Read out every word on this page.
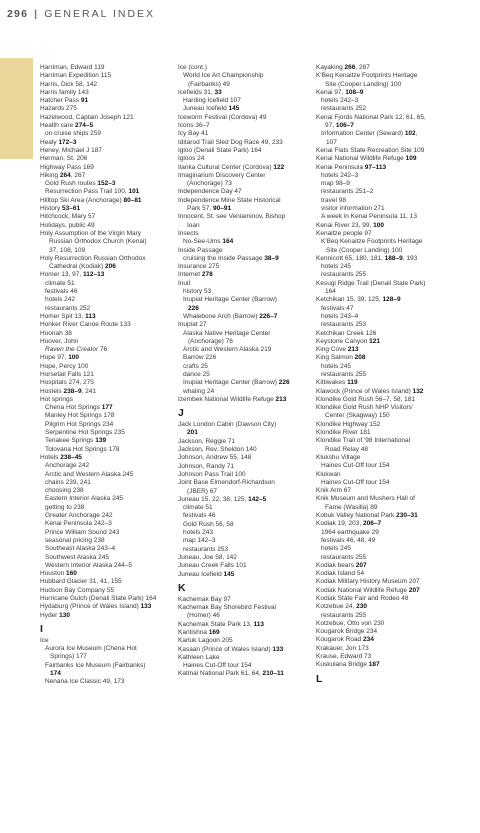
296 | GENERAL INDEX
Harriman, Edward 119
Harriman Expedition 115
Harris, Dick 58, 142
Harris family 143
Hatcher Pass 91
Hazards 275
Hazelwood, Captain Joseph 121
Health care 274–5
on cruise ships 259
Healy 172–3
Heney, Michael J 187
Herman, St. 206
Highway Pass 169
Hiking 264, 267
Gold Rush routes 152–3
Resurrection Pass Trail 100, 101
Hilltop Ski Area (Anchorage) 80–81
History 53–61
Hitchcock, Mary 57
Holidays, public 49
Holy Assumption of the Virgin Mary
Russian Orthodox Church (Kenai)
37, 108, 109
Holy Resurrection Russian Orthodox
Cathedral (Kodiak) 206
Homer 13, 97, 112–13
climate 51
festivals 46
hotels 242
restaurants 252
Homer Spit 13, 113
Honker River Canoe Route 133
Hoonah 38
Hoover, John
Raven the Creator 76
Hope 97, 100
Hope, Percy 100
Horsetail Falls 121
Hospitals 274, 275
Hostels 238–9, 241
Hot springs
Chena Hot Springs 177
Manley Hot Springs 178
Pilgrim Hot Springs 234
Serpentine Hot Springs 235
Tenakee Springs 139
Tolovana Hot Springs 178
Hotels 238–45
Anchorage 242
Arctic and Western Alaska 245
chains 239, 241
choosing 238
Eastern Interior Alaska 245
getting to 238
Greater Anchorage 242
Kenai Peninsula 242–3
Prince William Sound 243
seasonal pricing 238
Southeast Alaska 243–4
Southwest Alaska 245
Western Interior Alaska 244–5
Houston 160
Hubbard Glacier 31, 41, 155
Hudson Bay Company 55
Hurricane Gulch (Denali State Park) 164
Hydaburg (Prince of Wales Island) 133
Hyder 130
I
Ice
Aurora Ice Museum (Chena Hot
Springs) 177
Fairbanks Ice Museum (Fairbanks)
174
Nenana Ice Classic 49, 173
Ice (cont.)
World Ice Art Championship
(Fairbanks) 49
Icefields 31, 33
Harding Icefield 107
Juneau Icefield 145
Iceworm Festival (Cordova) 49
Icons 36–7
Icy Bay 41
Iditarod Trail Sled Dog Race 49, 233
Igloo (Denali State Park) 164
Igloos 24
Ilanka Cultural Center (Cordova) 122
Imaginarium Discovery Center
(Anchorage) 73
Independence Day 47
Independence Mine State Historical
Park 57, 90–91
Innocent, St. see Veniaminov, Bishop
Ioan
Insects
No-See-Ums 164
Inside Passage
cruising the Inside Passage 38–9
Insurance 275
Internet 278
Inuit
history 53
Inupiat Heritage Center (Barrow)
226
Whalebone Arch (Barrow) 226–7
Inupiat 27
Alaska Native Heritage Center
(Anchorage) 76
Arctic and Western Alaska 219
Barrow 226
crafts 25
dance 25
Inupiat Heritage Center (Barrow) 226
whaling 24
Izembek National Wildlife Refuge 213
J
Jack London Cabin (Dawson City)
201
Jackson, Reggie 71
Jackson, Rev. Sheldon 140
Johnson, Andrew 55, 148
Johnson, Randy 71
Johnson Pass Trail 100
Joint Base Elmendorf-Richardson
(JBER) 67
Juneau 15, 22, 38, 125, 142–5
climate 51
festivals 46
Gold Rush 56, 58
hotels 243
map 142–3
restaurants 253
Juneau, Joe 58, 142
Juneau Creek Falls 101
Juneau Icefield 145
K
Kachemak Bay 97
Kachemak Bay Shorebird Festival
(Homer) 46
Kachemak State Park 13, 113
Kantishna 169
Karluk Lagoon 205
Kasaan (Prince of Wales Island) 133
Kathleen Lake
Haines Cut-Off tour 154
Katmai National Park 61, 64, 210–11
Kayaking 266, 267
K'Beq Kenaitze Footprints Heritage
Site (Cooper Landing) 100
Kenai 97, 108–9
hotels 242–3
restaurants 252
Kenai Fjords National Park 12, 61, 65,
97, 106–7
Information Center (Seward) 102,
107
Kenai Flats State Recreation Site 109
Kenai National Wildlife Refuge 109
Kenai Peninsula 97–113
hotels 242–3
map 98–9
restaurants 251–2
travel 98
visitor information 271
A week in Kenai Peninsula 11, 13
Kenai River 23, 99, 100
Kenaitze people 97
K'Beq Kenaitze Footprints Heritage
Site (Cooper Landing) 100
Kennicott 65, 180, 181, 188–9, 193
hotels 245
restaurants 255
Kesugi Ridge Trail (Denali State Park)
164
Ketchikan 15, 39, 125, 128–9
festivals 47
hotels 243–4
restaurants 253
Ketchikan Creek 126
Keystone Canyon 121
King Cove 213
King Salmon 208
hotels 245
restaurants 255
Kittiwakes 119
Klawock (Prince of Wales Island) 132
Klondike Gold Rush 56–7, 58, 181
Klondike Gold Rush NHP Visitors'
Center (Skagway) 150
Klondike Highway 152
Klondike River 181
Klondike Trail of '98 International
Road Relay 48
Klukshu Village
Haines Cut-Off tour 154
Klukwan
Haines Cut-Off tour 154
Knik Arm 67
Knik Museum and Mushers Hall of
Fame (Wasilla) 89
Kobuk Valley National Park 230–31
Kodiak 19, 203, 206–7
1964 earthquake 29
festivals 46, 48, 49
hotels 245
restaurants 255
Kodiak bears 207
Kodiak Island 54
Kodiak Military History Museum 207
Kodiak National Wildlife Refuge 207
Kodiak State Fair and Rodeo 48
Kotzebue 24, 230
restaurants 255
Kotzebue, Otto von 230
Kougarok Bridge 234
Kougarok Road 234
Krakauer, Jon 173
Krause, Edward 73
Kuskulana Bridge 187
L
